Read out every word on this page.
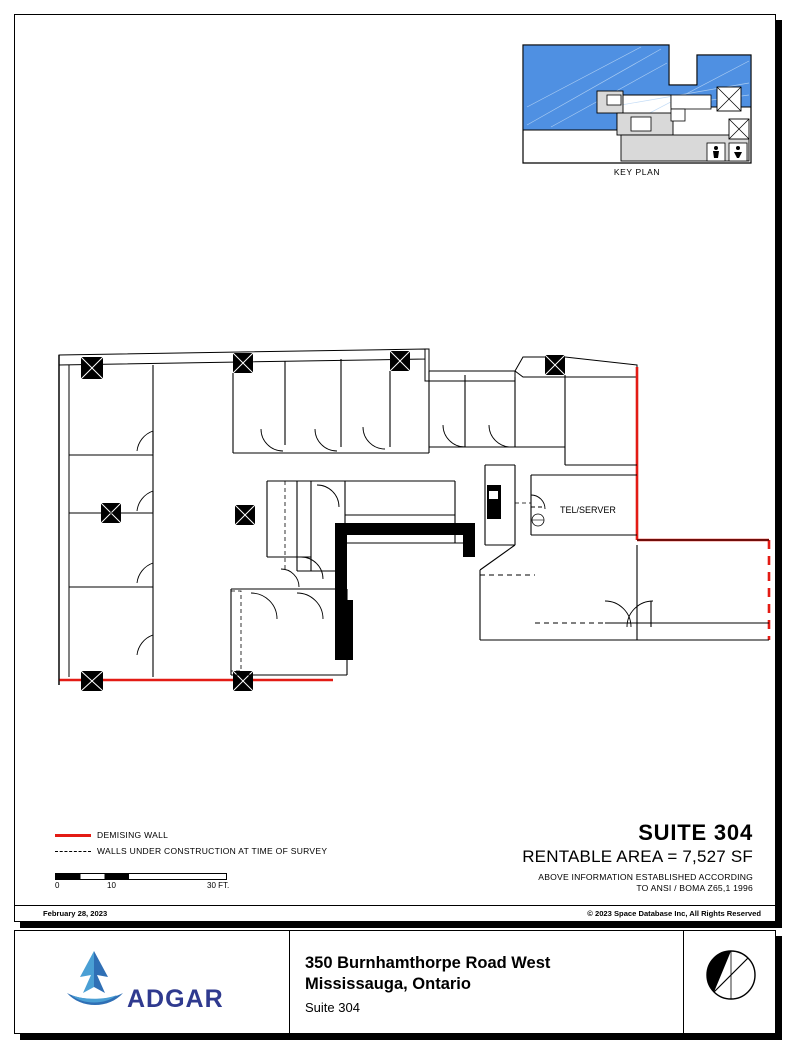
KEY PLAN
TEL/SERVER
DEMISING WALL
WALLS UNDER CONSTRUCTION AT TIME OF SURVEY
0	10	30 FT.
SUITE 304
RENTABLE AREA = 7,527 SF
ABOVE INFORMATION ESTABLISHED ACCORDING
TO ANSI / BOMA Z65,1 1996
February 28, 2023	© 2023 Space Database Inc, All Rights Reserved
ADGAR
350 Burnhamthorpe Road West
Mississauga, Ontario
Suite 304
